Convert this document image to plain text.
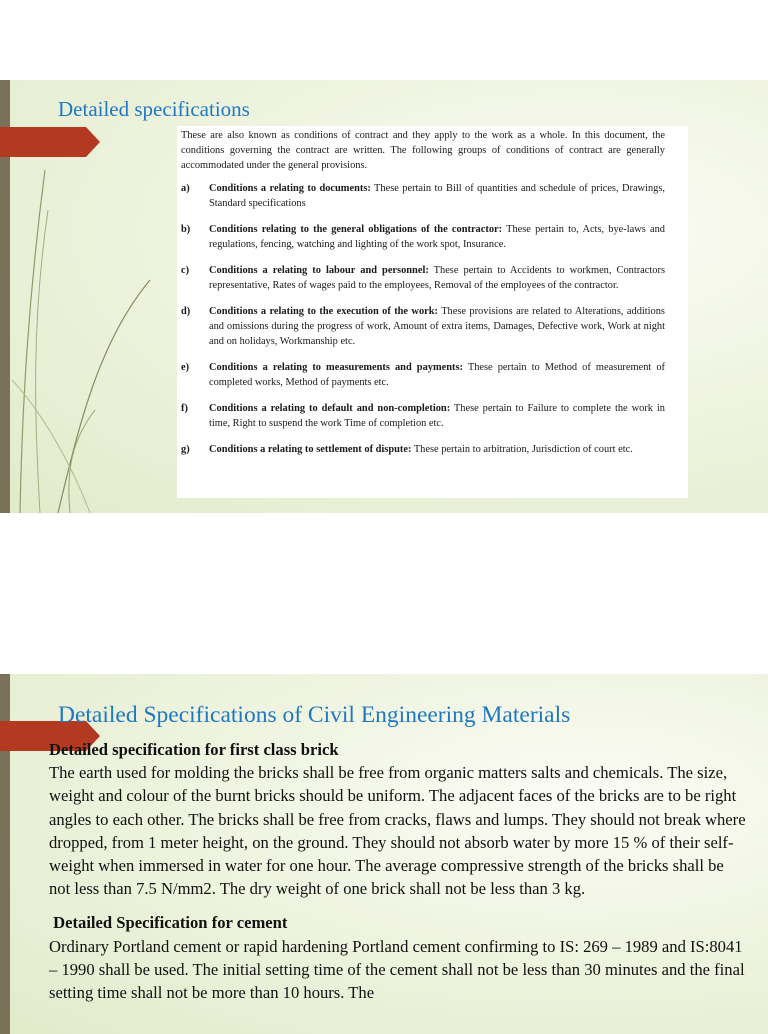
Detailed specifications

These are also known as conditions of contract and they apply to the work as a whole. In this document, the conditions governing the contract are written. The following groups of conditions of contract are generally accommodated under the general provisions.

a)	Conditions a relating to documents: These pertain to Bill of quantities and schedule of prices, Drawings, Standard specifications
b)	Conditions relating to the general obligations of the contractor: These pertain to, Acts, bye-laws and regulations, fencing, watching and lighting of the work spot, Insurance.
c)	Conditions a relating to labour and personnel: These pertain to Accidents to workmen, Contractors representative, Rates of wages paid to the employees, Removal of the employees of the contractor.
d)	Conditions a relating to the execution of the work: These provisions are related to Alterations, additions and omissions during the progress of work, Amount of extra items, Damages, Defective work, Work at night and on holidays, Workmanship etc.
e)	Conditions a relating to measurements and payments: These pertain to Method of measurement of completed works, Method of payments etc.
f)	Conditions a relating to default and non-completion: These pertain to Failure to complete the work in time, Right to suspend the work Time of completion etc.
g)	Conditions a relating to settlement of dispute: These pertain to arbitration, Jurisdiction of court etc.
Detailed Specifications of Civil Engineering Materials

Detailed specification for first class brick

The earth used for molding the bricks shall be free from organic matters salts and chemicals. The size, weight and colour of the burnt bricks should be uniform. The adjacent faces of the bricks are to be right angles to each other. The bricks shall be free from cracks, flaws and lumps. They should not break where dropped, from 1 meter height, on the ground. They should not absorb water by more 15 % of their self-weight when immersed in water for one hour. The average compressive strength of the bricks shall be not less than 7.5 N/mm2. The dry weight of one brick shall not be less than 3 kg.

Detailed Specification for cement

Ordinary Portland cement or rapid hardening Portland cement confirming to IS: 269 – 1989 and IS:8041 – 1990 shall be used. The initial setting time of the cement shall not be less than 30 minutes and the final setting time shall not be more than 10 hours. The
